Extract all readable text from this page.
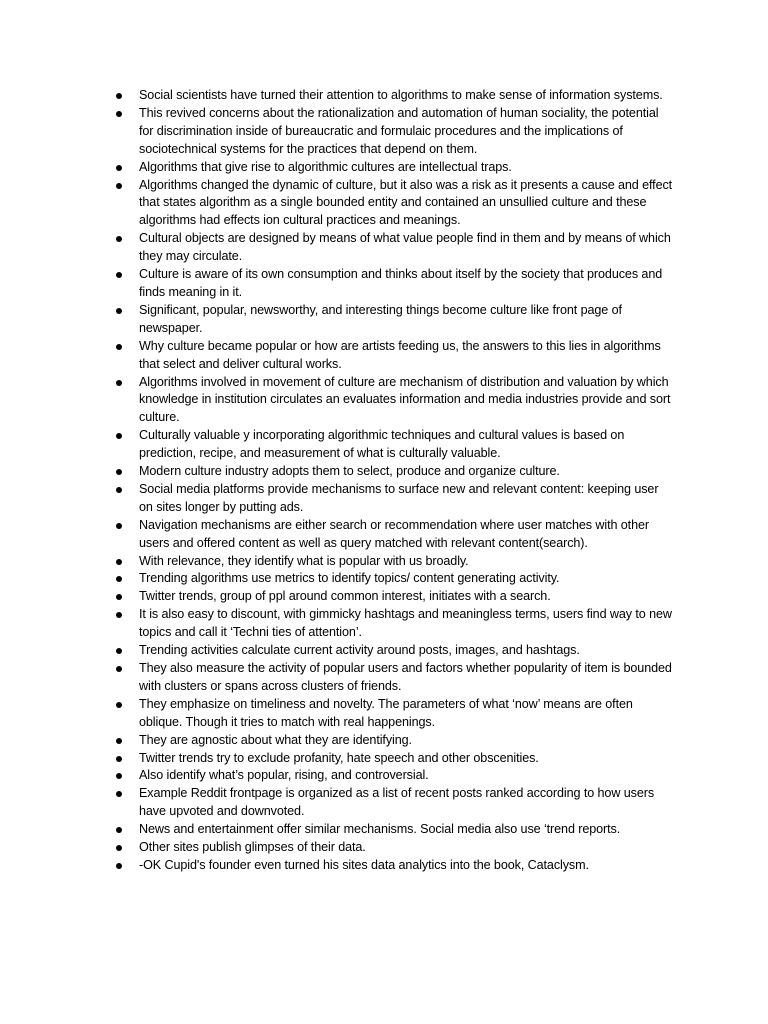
Social scientists have turned their attention to algorithms to make sense of information systems.
This revived concerns about the rationalization and automation of human sociality, the potential for discrimination inside of bureaucratic and formulaic procedures and the implications of sociotechnical systems for the practices that depend on them.
Algorithms that give rise to algorithmic cultures are intellectual traps.
Algorithms changed the dynamic of culture, but it also was a risk as it presents a cause and effect that states algorithm as a single bounded entity and contained an unsullied culture and these algorithms had effects ion cultural practices and meanings.
Cultural objects are designed by means of what value people find in them and by means of which they may circulate.
Culture is aware of its own consumption and thinks about itself by the society that produces and finds meaning in it.
Significant, popular, newsworthy, and interesting things become culture like front page of newspaper.
Why culture became popular or how are artists feeding us, the answers to this lies in algorithms that select and deliver cultural works.
Algorithms involved in movement of culture are mechanism of distribution and valuation by which knowledge in institution circulates an evaluates information and media industries provide and sort culture.
Culturally valuable y incorporating algorithmic techniques and cultural values is based on prediction, recipe, and measurement of what is culturally valuable.
Modern culture industry adopts them to select, produce and organize culture.
Social media platforms provide mechanisms to surface new and relevant content: keeping user on sites longer by putting ads.
Navigation mechanisms are either search or recommendation where user matches with other users and offered content as well as query matched with relevant content(search).
With relevance, they identify what is popular with us broadly.
Trending algorithms use metrics to identify topics/ content generating activity.
Twitter trends, group of ppl around common interest, initiates with a search.
It is also easy to discount, with gimmicky hashtags and meaningless terms, users find way to new topics and call it ‘Techni ties of attention’.
Trending activities calculate current activity around posts, images, and hashtags.
They also measure the activity of popular users and factors whether popularity of item is bounded with clusters or spans across clusters of friends.
They emphasize on timeliness and novelty. The parameters of what ‘now’ means are often oblique. Though it tries to match with real happenings.
They are agnostic about what they are identifying.
Twitter trends try to exclude profanity, hate speech and other obscenities.
Also identify what’s popular, rising, and controversial.
Example Reddit frontpage is organized as a list of recent posts ranked according to how users have upvoted and downvoted.
News and entertainment offer similar mechanisms. Social media also use ‘trend reports.
Other sites publish glimpses of their data.
-OK Cupid's founder even turned his sites data analytics into the book, Cataclysm.
